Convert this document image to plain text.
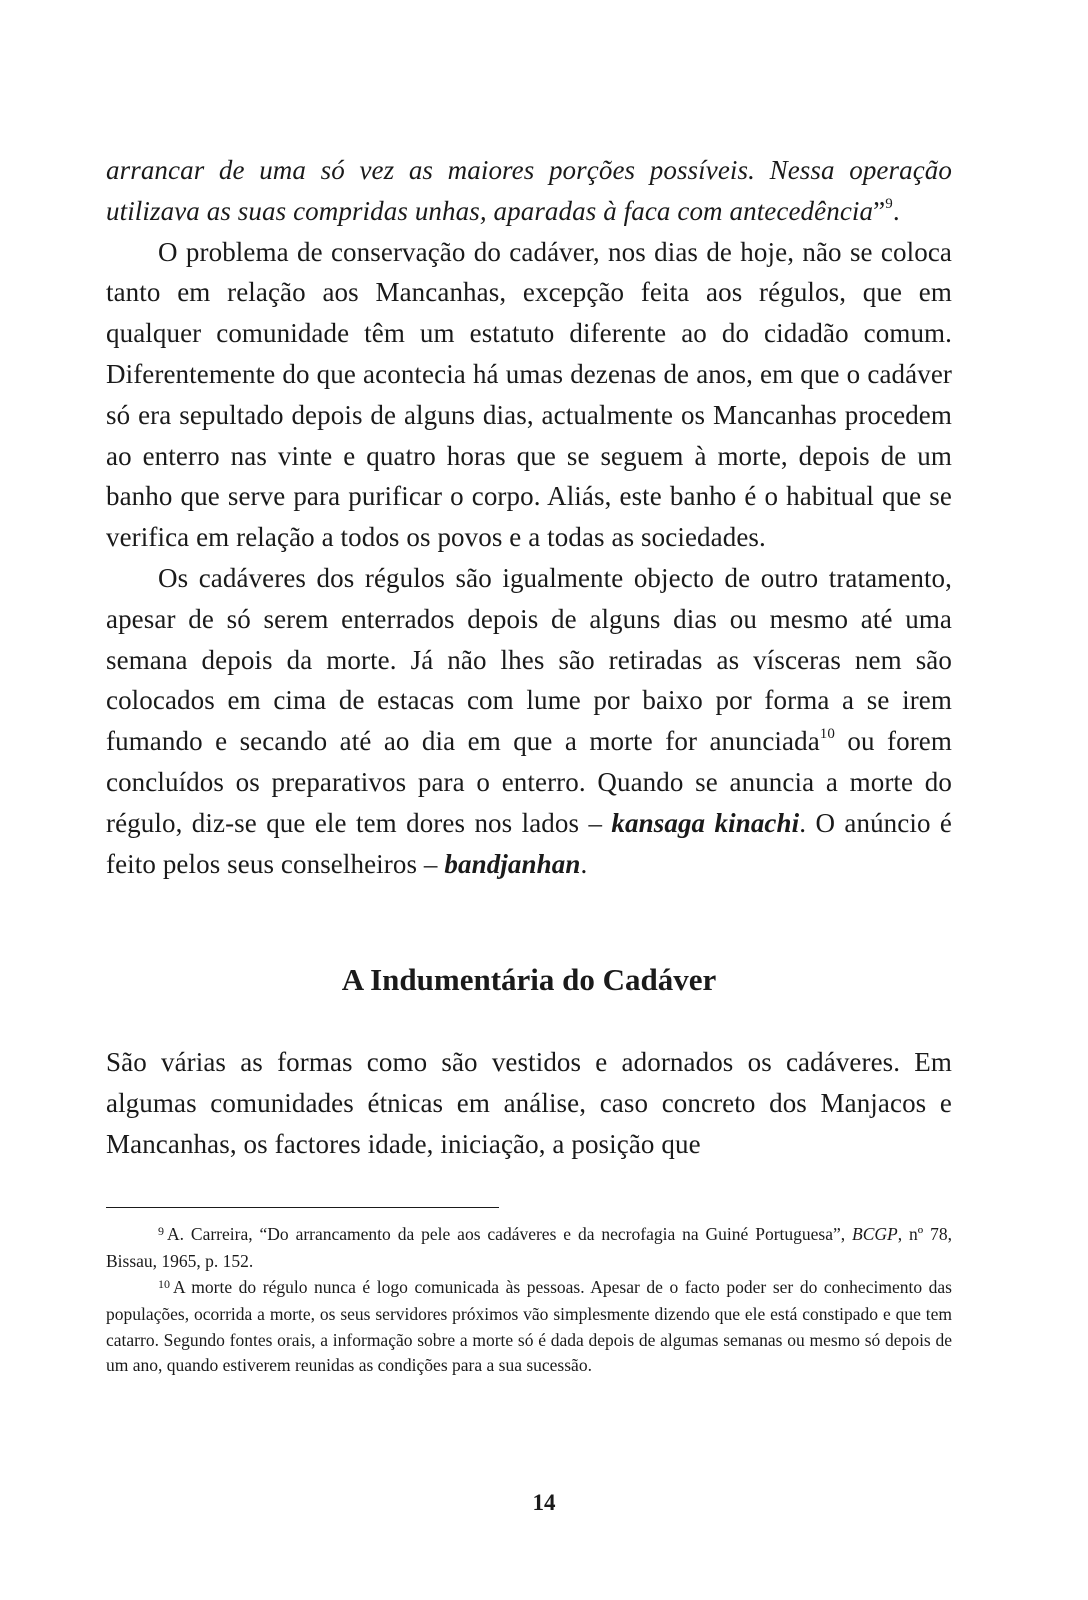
arrancar de uma só vez as maiores porções possíveis. Nessa operação utilizava as suas compridas unhas, aparadas à faca com antecedência”$^9$.

O problema de conservação do cadáver, nos dias de hoje, não se coloca tanto em relação aos Mancanhas, excepção feita aos régulos, que em qualquer comunidade têm um estatuto diferente ao do cidadão comum. Diferentemente do que acontecia há umas dezenas de anos, em que o cadáver só era sepultado depois de alguns dias, actualmente os Mancanhas procedem ao enterro nas vinte e quatro horas que se seguem à morte, depois de um banho que serve para purificar o corpo. Aliás, este banho é o habitual que se verifica em relação a todos os povos e a todas as sociedades.

Os cadáveres dos régulos são igualmente objecto de outro tratamento, apesar de só serem enterrados depois de alguns dias ou mesmo até uma semana depois da morte. Já não lhes são retiradas as vísceras nem são colocados em cima de estacas com lume por baixo por forma a se irem fumando e secando até ao dia em que a morte for anunciada$^{10}$ ou forem concluídos os preparativos para o enterro. Quando se anuncia a morte do régulo, diz-se que ele tem dores nos lados – kansaga kinachi. O anúncio é feito pelos seus conselheiros – bandjanhan.

A Indumentária do Cadáver

São várias as formas como são vestidos e adornados os cadáveres. Em algumas comunidades étnicas em análise, caso concreto dos Manjacos e Mancanhas, os factores idade, iniciação, a posição que

$^9$ A. Carreira, “Do arrancamento da pele aos cadáveres e da necrofagia na Guiné Portuguesa”, BCGP, nº 78, Bissau, 1965, p. 152.

$^{10}$ A morte do régulo nunca é logo comunicada às pessoas. Apesar de o facto poder ser do conhecimento das populações, ocorrida a morte, os seus servidores próximos vão simplesmente dizendo que ele está constipado e que tem catarro. Segundo fontes orais, a informação sobre a morte só é dada depois de algumas semanas ou mesmo só depois de um ano, quando estiverem reunidas as condições para a sua sucessão.

14
